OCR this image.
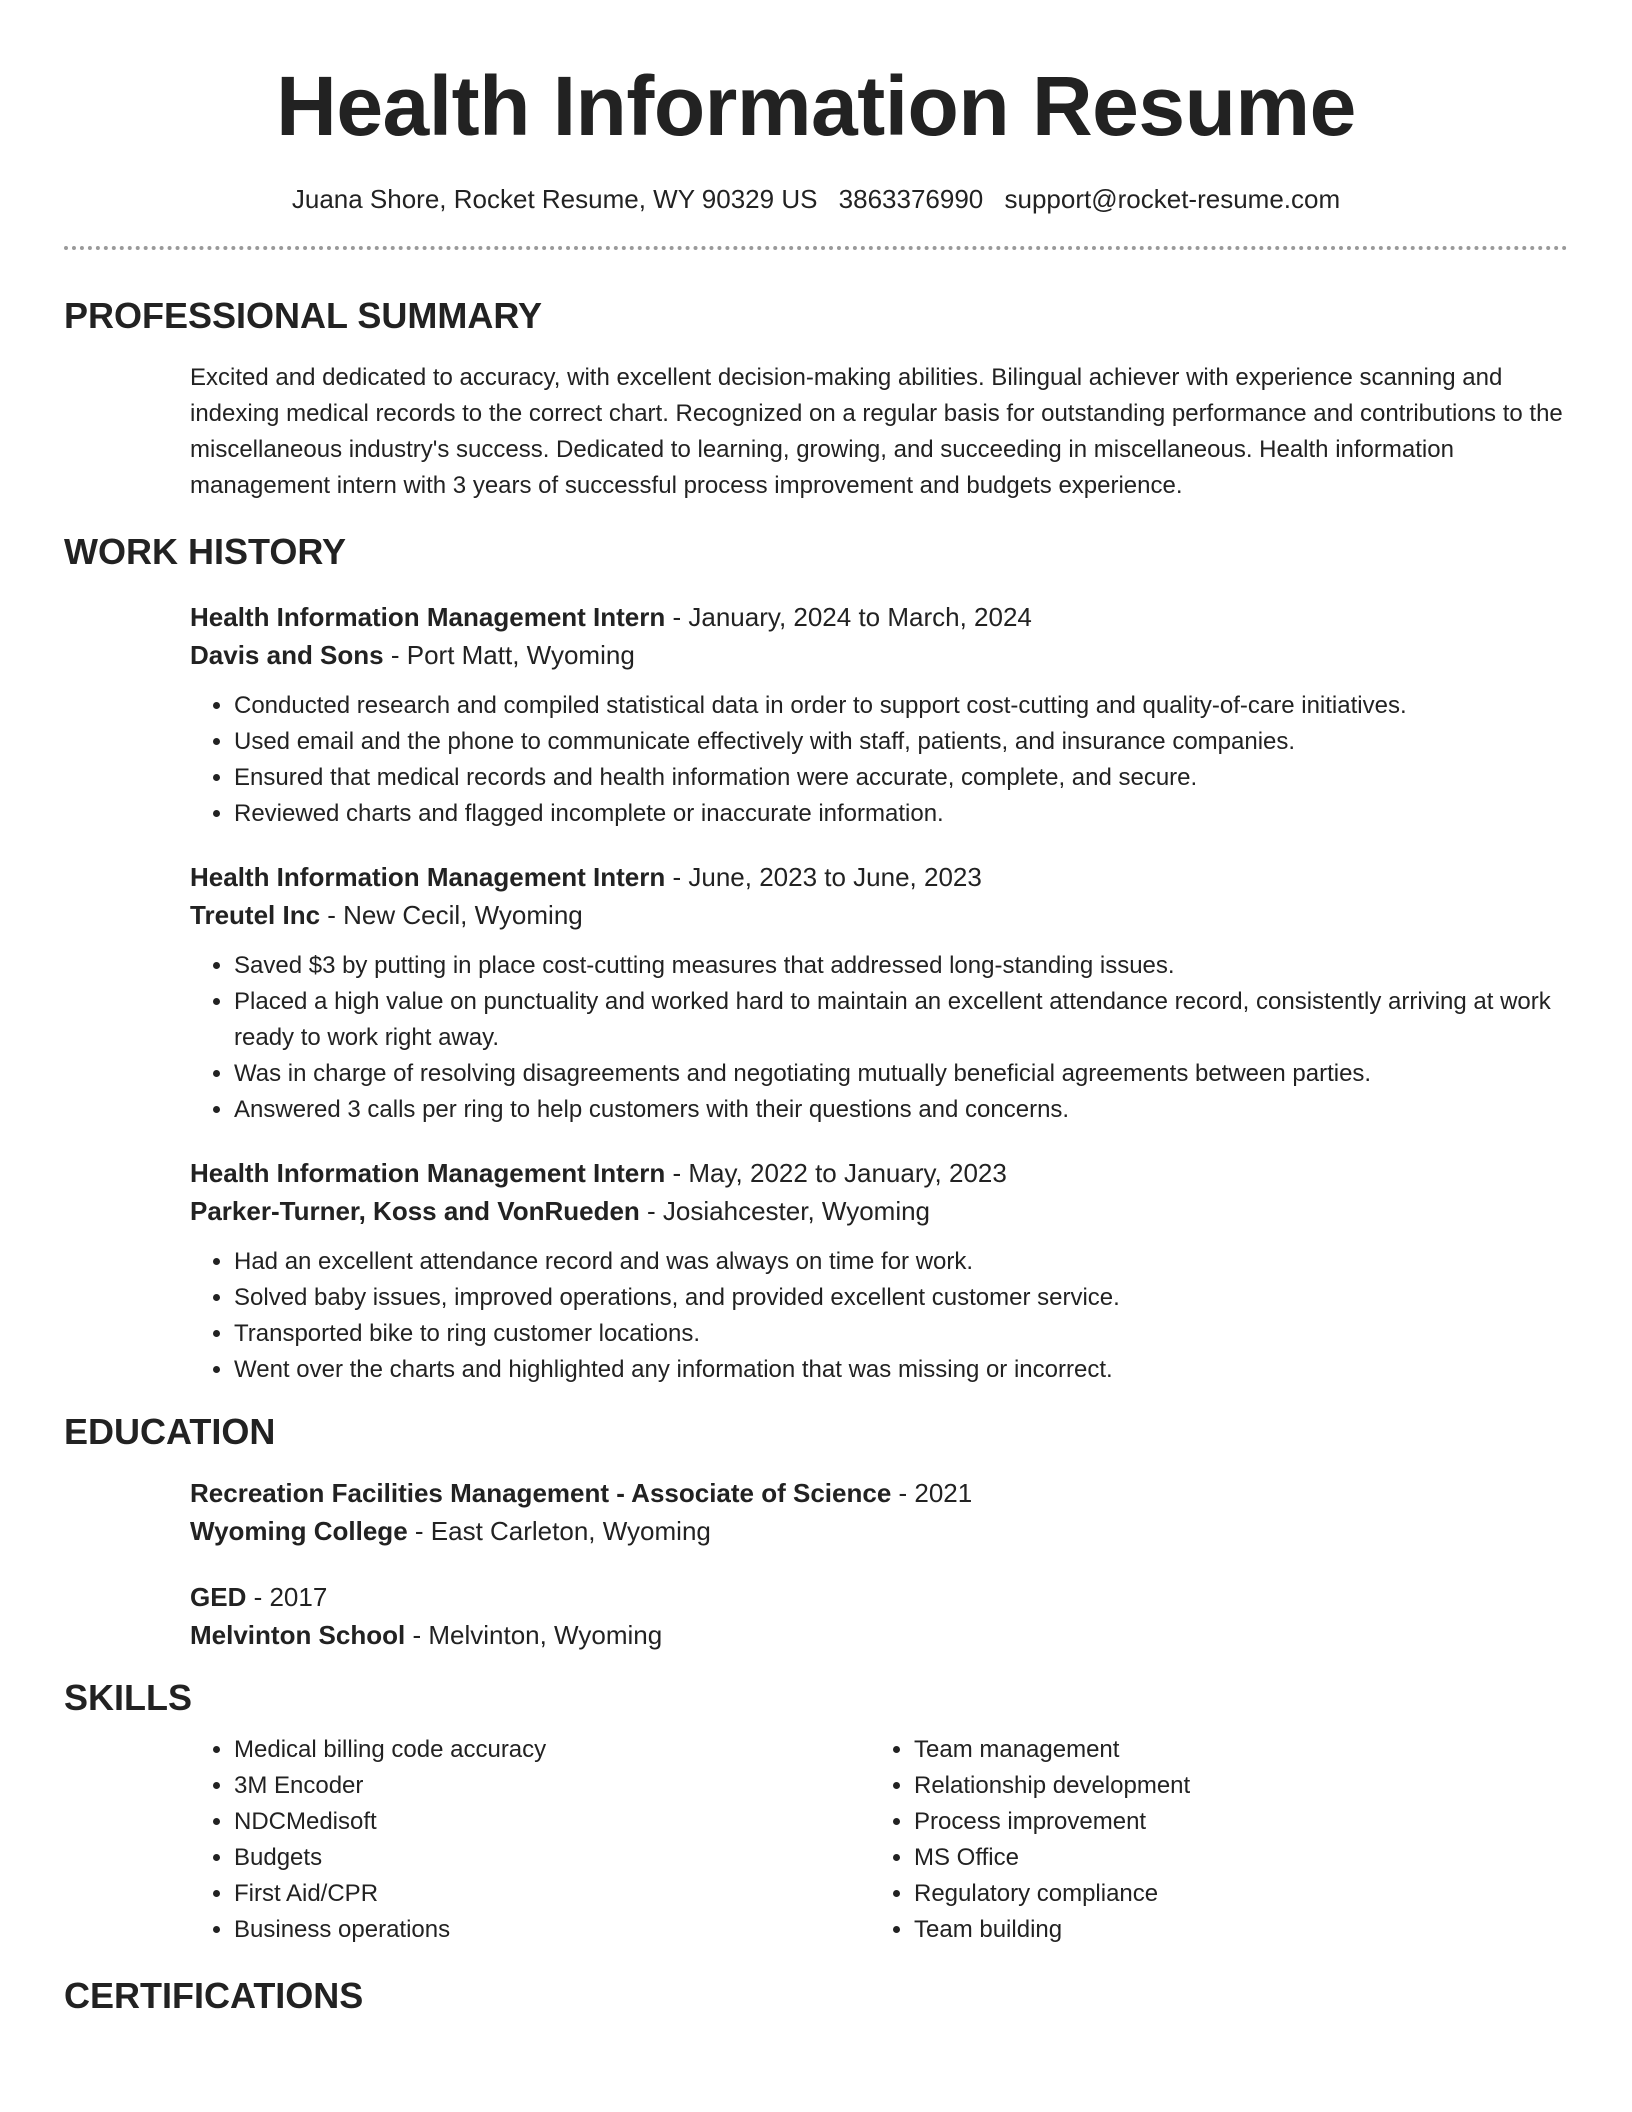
Health Information Resume
Juana Shore, Rocket Resume, WY 90329 US 3863376990 support@rocket-resume.com
PROFESSIONAL SUMMARY

Excited and dedicated to accuracy, with excellent decision-making abilities. Bilingual achiever with experience scanning and indexing medical records to the correct chart. Recognized on a regular basis for outstanding performance and contributions to the miscellaneous industry's success. Dedicated to learning, growing, and succeeding in miscellaneous. Health information management intern with 3 years of successful process improvement and budgets experience.

WORK HISTORY

Health Information Management Intern - January, 2024 to March, 2024

Davis and Sons - Port Matt, Wyoming

• Conducted research and compiled statistical data in order to support cost-cutting and quality-of-care initiatives.
• Used email and the phone to communicate effectively with staff, patients, and insurance companies.
• Ensured that medical records and health information were accurate, complete, and secure.
• Reviewed charts and flagged incomplete or inaccurate information.

Health Information Management Intern - June, 2023 to June, 2023

Treutel Inc - New Cecil, Wyoming

• Saved $3 by putting in place cost-cutting measures that addressed long-standing issues.
• Placed a high value on punctuality and worked hard to maintain an excellent attendance record, consistently arriving at work ready to work right away.
• Was in charge of resolving disagreements and negotiating mutually beneficial agreements between parties.
• Answered 3 calls per ring to help customers with their questions and concerns.

Health Information Management Intern - May, 2022 to January, 2023

Parker-Turner, Koss and VonRueden - Josiahcester, Wyoming

• Had an excellent attendance record and was always on time for work.
• Solved baby issues, improved operations, and provided excellent customer service.
• Transported bike to ring customer locations.
• Went over the charts and highlighted any information that was missing or incorrect.
EDUCATION

Recreation Facilities Management - Associate of Science - 2021

Wyoming College - East Carleton, Wyoming

GED - 2017

Melvinton School - Melvinton, Wyoming

SKILLS
• Medical billing code accuracy
• 3M Encoder
• NDCMedisoft
• Budgets
• First Aid/CPR
• Business operations
• Team management
• Relationship development
• Process improvement
• MS Office
• Regulatory compliance
• Team building
CERTIFICATIONS
